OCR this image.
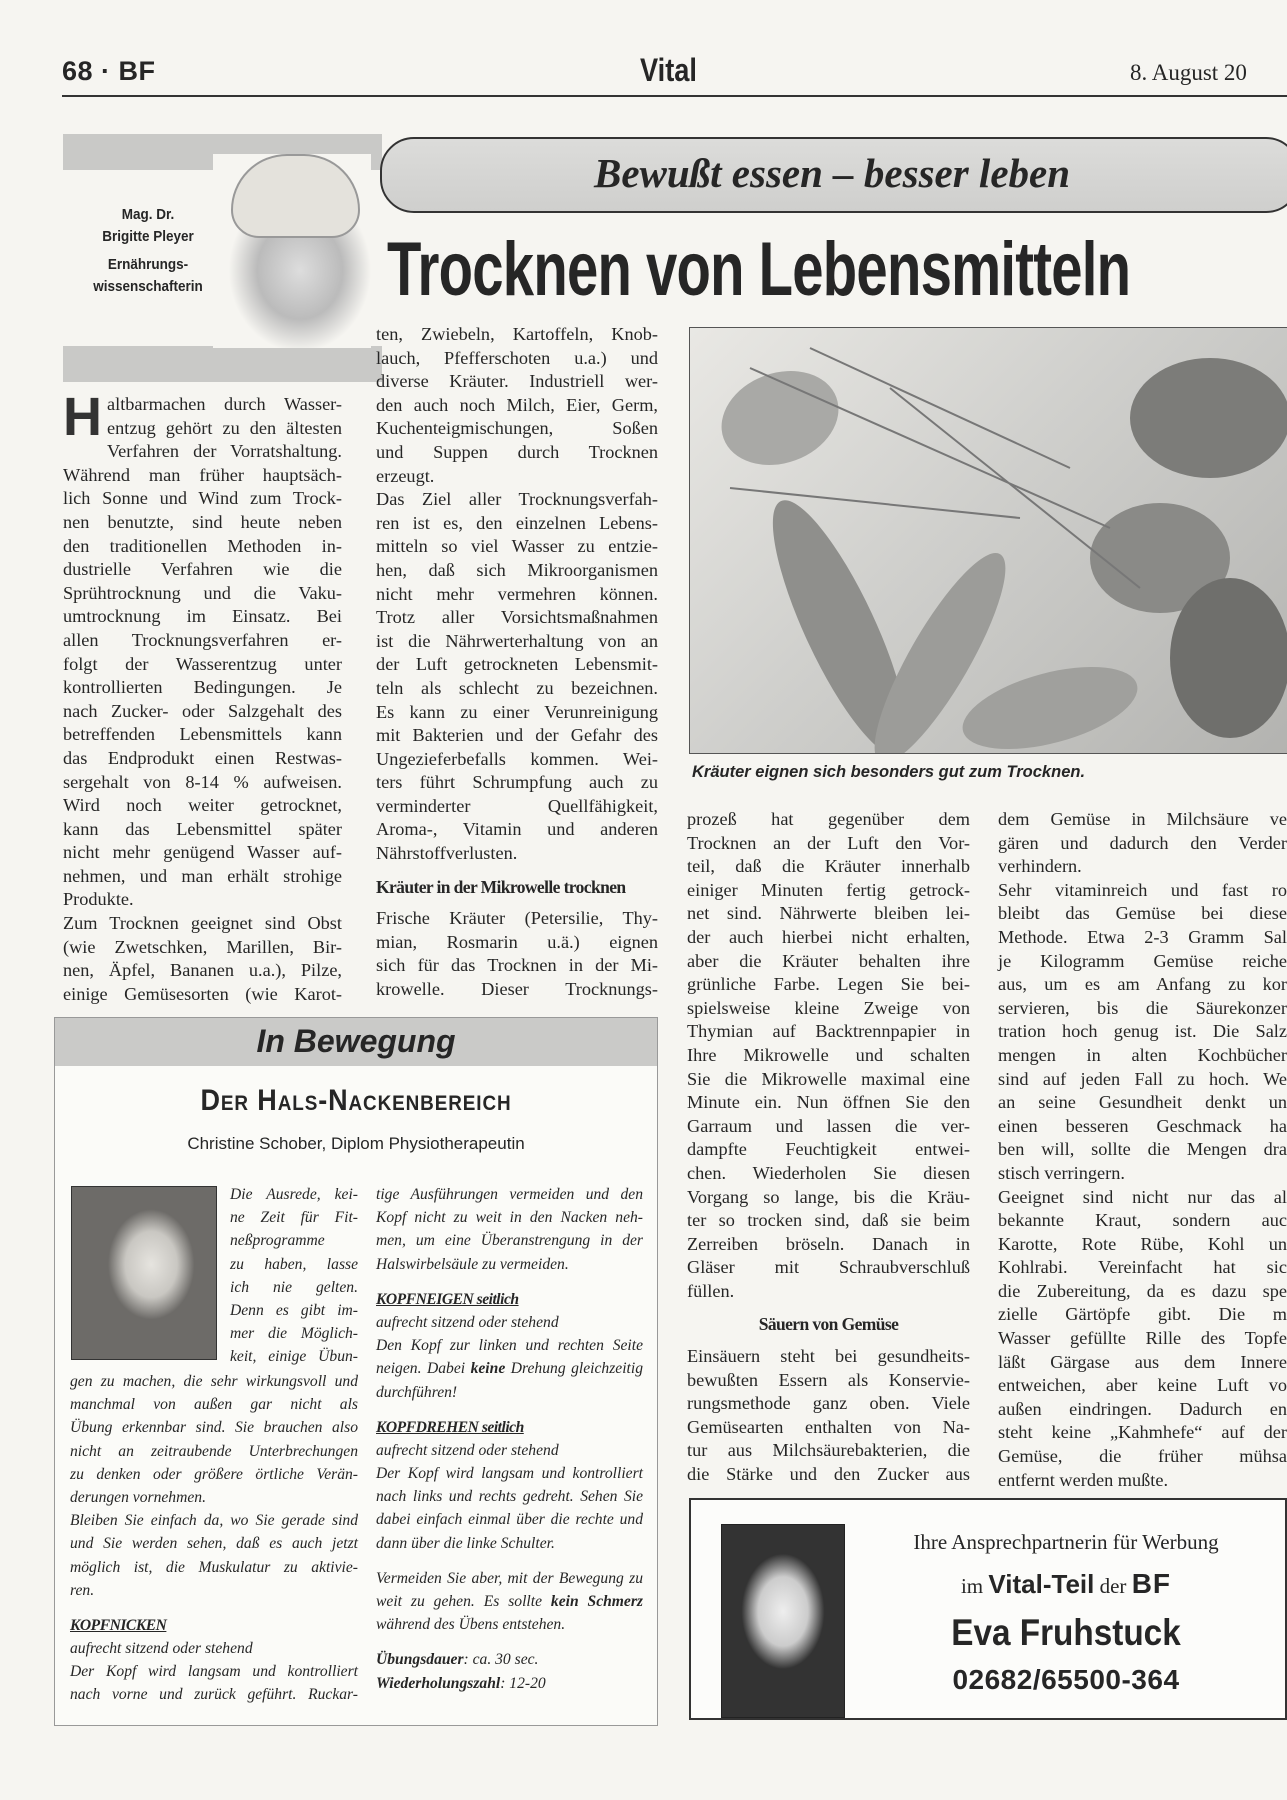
68 · BF	Vital	8. August 20
Mag. Dr.
Brigitte Pleyer
Ernährungs-
wissenschafterin
Bewußt essen – besser leben
Trocknen von Lebensmitteln
H altbarmachen durch Wasser-
entzug gehört zu den ältesten
Verfahren der Vorratshaltung.
Während man früher hauptsäch-
lich Sonne und Wind zum Trock-
nen benutzte, sind heute neben
den traditionellen Methoden in-
dustrielle Verfahren wie die
Sprühtrocknung und die Vaku-
umtrocknung im Einsatz. Bei
allen Trocknungsverfahren er-
folgt der Wasserentzug unter
kontrollierten Bedingungen. Je
nach Zucker- oder Salzgehalt des
betreffenden Lebensmittels kann
das Endprodukt einen Restwas-
sergehalt von 8-14 % aufweisen.
Wird noch weiter getrocknet,
kann das Lebensmittel später
nicht mehr genügend Wasser auf-
nehmen, und man erhält strohige
Produkte.
Zum Trocknen geeignet sind Obst
(wie Zwetschken, Marillen, Bir-
nen, Äpfel, Bananen u.a.), Pilze,
einige Gemüsesorten (wie Karot-
ten, Zwiebeln, Kartoffeln, Knob-
lauch, Pfefferschoten u.a.) und
diverse Kräuter. Industriell wer-
den auch noch Milch, Eier, Germ,
Kuchenteigmischungen, Soßen
und Suppen durch Trocknen
erzeugt.
Das Ziel aller Trocknungsverfah-
ren ist es, den einzelnen Lebens-
mitteln so viel Wasser zu entzie-
hen, daß sich Mikroorganismen
nicht mehr vermehren können.
Trotz aller Vorsichtsmaßnahmen
ist die Nährwerterhaltung von an
der Luft getrockneten Lebensmit-
teln als schlecht zu bezeichnen.
Es kann zu einer Verunreinigung
mit Bakterien und der Gefahr des
Ungezieferbefalls kommen. Wei-
ters führt Schrumpfung auch zu
verminderter Quellfähigkeit,
Aroma-, Vitamin und anderen
Nährstoffverlusten.
Kräuter in der Mikrowelle trocknen
Frische Kräuter (Petersilie, Thy-
mian, Rosmarin u.ä.) eignen
sich für das Trocknen in der Mi-
krowelle. Dieser Trocknungs-
Kräuter eignen sich besonders gut zum Trocknen.
prozeß hat gegenüber dem
Trocknen an der Luft den Vor-
teil, daß die Kräuter innerhalb
einiger Minuten fertig getrock-
net sind. Nährwerte bleiben lei-
der auch hierbei nicht erhalten,
aber die Kräuter behalten ihre
grünliche Farbe. Legen Sie bei-
spielsweise kleine Zweige von
Thymian auf Backtrennpapier in
Ihre Mikrowelle und schalten
Sie die Mikrowelle maximal eine
Minute ein. Nun öffnen Sie den
Garraum und lassen die ver-
dampfte Feuchtigkeit entwei-
chen. Wiederholen Sie diesen
Vorgang so lange, bis die Kräu-
ter so trocken sind, daß sie beim
Zerreiben bröseln. Danach in
Gläser mit Schraubverschluß
füllen.
Säuern von Gemüse
Einsäuern steht bei gesundheits-
bewußten Essern als Konservie-
rungsmethode ganz oben. Viele
Gemüsearten enthalten von Na-
tur aus Milchsäurebakterien, die
die Stärke und den Zucker aus
dem Gemüse in Milchsäure ve
gären und dadurch den Verder
verhindern.
Sehr vitaminreich und fast ro
bleibt das Gemüse bei diese
Methode. Etwa 2-3 Gramm Sal
je Kilogramm Gemüse reiche
aus, um es am Anfang zu kor
servieren, bis die Säurekonzer
tration hoch genug ist. Die Salz
mengen in alten Kochbücher
sind auf jeden Fall zu hoch. We
an seine Gesundheit denkt un
einen besseren Geschmack ha
ben will, sollte die Mengen dra
stisch verringern.
Geeignet sind nicht nur das al
bekannte Kraut, sondern auc
Karotte, Rote Rübe, Kohl un
Kohlrabi. Vereinfacht hat sic
die Zubereitung, da es dazu spe
zielle Gärtöpfe gibt. Die m
Wasser gefüllte Rille des Topfe
läßt Gärgase aus dem Innere
entweichen, aber keine Luft vo
außen eindringen. Dadurch en
steht keine „Kahmhefe“ auf der
Gemüse, die früher mühsa
entfernt werden mußte.
In Bewegung
Der Hals-Nackenbereich
Christine Schober, Diplom Physiotherapeutin
Die Ausrede, kei-
ne Zeit für Fit-
neßprogramme
zu haben, lasse
ich nie gelten.
Denn es gibt im-
mer die Möglich-
keit, einige Übun-
gen zu machen, die sehr wirkungsvoll und
manchmal von außen gar nicht als
Übung erkennbar sind. Sie brauchen also
nicht an zeitraubende Unterbrechungen
zu denken oder größere örtliche Verän-
derungen vornehmen.
Bleiben Sie einfach da, wo Sie gerade sind
und Sie werden sehen, daß es auch jetzt
möglich ist, die Muskulatur zu aktivie-
ren.
KOPFNICKEN
aufrecht sitzend oder stehend
Der Kopf wird langsam und kontrolliert
nach vorne und zurück geführt. Ruckar-
tige Ausführungen vermeiden und den
Kopf nicht zu weit in den Nacken neh-
men, um eine Überanstrengung in der
Halswirbelsäule zu vermeiden.
KOPFNEIGEN seitlich
aufrecht sitzend oder stehend
Den Kopf zur linken und rechten Seite
neigen. Dabei keine Drehung gleichzeitig
durchführen!
KOPFDREHEN seitlich
aufrecht sitzend oder stehend
Der Kopf wird langsam und kontrolliert
nach links und rechts gedreht. Sehen Sie
dabei einfach einmal über die rechte und
dann über die linke Schulter.
Vermeiden Sie aber, mit der Bewegung zu
weit zu gehen. Es sollte kein Schmerz
während des Übens entstehen.
Übungsdauer: ca. 30 sec.
Wiederholungszahl: 12-20
Ihre Ansprechpartnerin für Werbung
im Vital-Teil der BF
Eva Fruhstuck
02682/65500-364
